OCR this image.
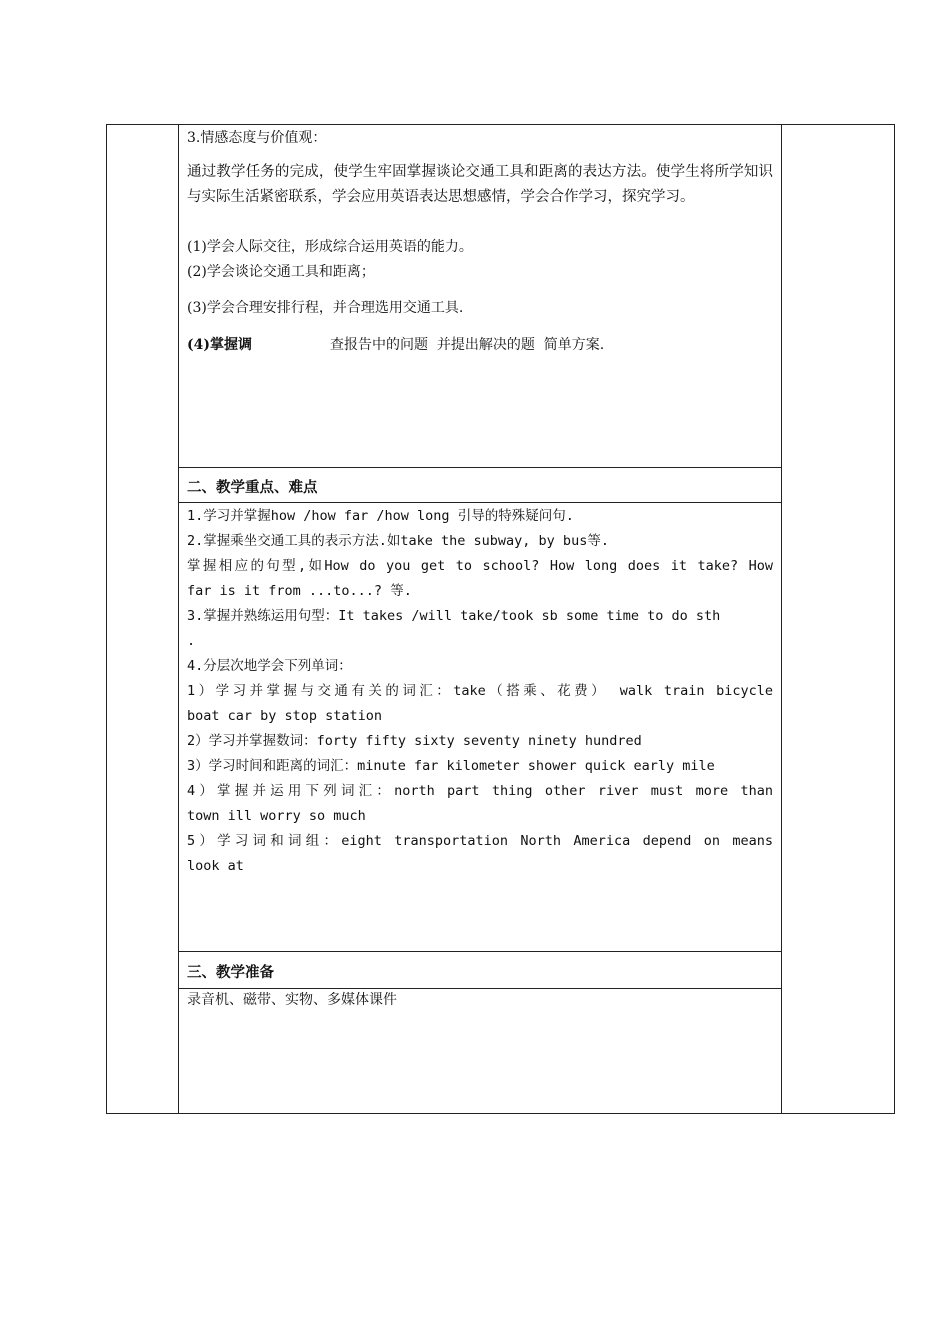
3.情感态度与价值观：
通过教学任务的完成，使学生牢固掌握谈论交通工具和距离的表达方法。使学生将所学知识与实际生活紧密联系，学会应用英语表达思想感情，学会合作学习，探究学习。
(1)学会人际交往，形成综合运用英语的能力。
(2)学会谈论交通工具和距离；
(3)学会合理安排行程，并合理选用交通工具.
(4)掌握调	查报告中的问题  并提出解决的题  简单方案.
二、教学重点、难点
1.学习并掌握how /how far /how long 引导的特殊疑问句.
2.掌握乘坐交通工具的表示方法.如take the subway, by bus等.
掌握相应的句型,如How do you get to school? How long does it take? How
far is it from ...to...? 等.
3.掌握并熟练运用句型：It takes /will take/took sb some time to do sth
.
4.分层次地学会下列单词：
1）学习并掌握与交通有关的词汇：take（搭乘、花费） walk train bicycle
boat car by stop station
2）学习并掌握数词：forty fifty sixty seventy ninety hundred
3）学习时间和距离的词汇：minute far kilometer shower quick early mile
4）掌握并运用下列词汇：north part thing other river must more than
town ill worry so much
5）学习词和词组：eight transportation North America depend on means
look at
三、教学准备
录音机、磁带、实物、多媒体课件
